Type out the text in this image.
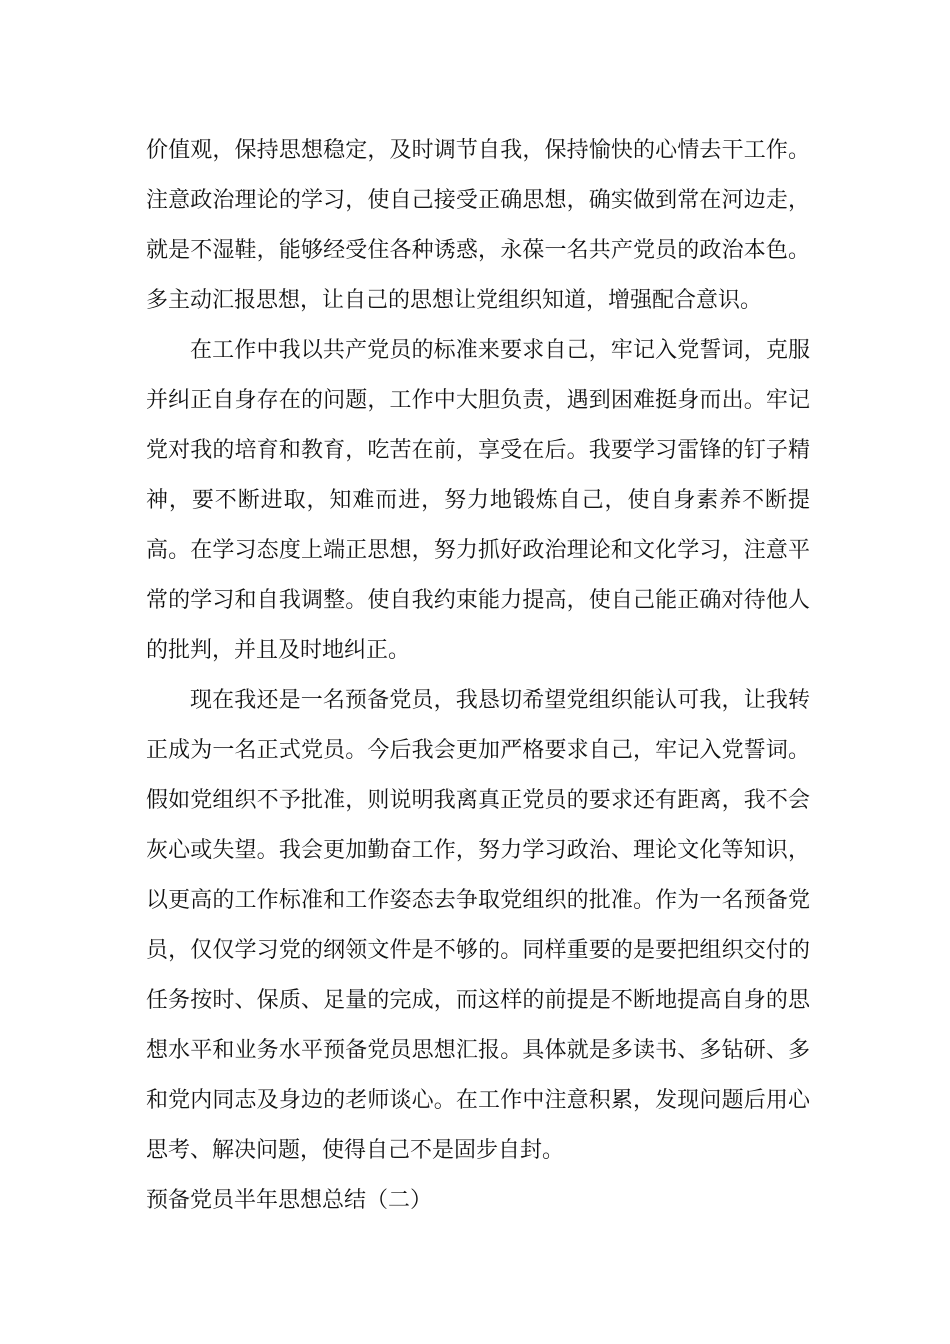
价值观，保持思想稳定，及时调节自我，保持愉快的心情去干工作。注意政治理论的学习，使自己接受正确思想，确实做到常在河边走，就是不湿鞋，能够经受住各种诱惑，永葆一名共产党员的政治本色。多主动汇报思想，让自己的思想让党组织知道，增强配合意识。

在工作中我以共产党员的标准来要求自己，牢记入党誓词，克服并纠正自身存在的问题，工作中大胆负责，遇到困难挺身而出。牢记党对我的培育和教育，吃苦在前，享受在后。我要学习雷锋的钉子精神，要不断进取，知难而进，努力地锻炼自己，使自身素养不断提高。在学习态度上端正思想，努力抓好政治理论和文化学习，注意平常的学习和自我调整。使自我约束能力提高，使自己能正确对待他人的批判，并且及时地纠正。

现在我还是一名预备党员，我恳切希望党组织能认可我，让我转正成为一名正式党员。今后我会更加严格要求自己，牢记入党誓词。假如党组织不予批准，则说明我离真正党员的要求还有距离，我不会灰心或失望。我会更加勤奋工作，努力学习政治、理论文化等知识，以更高的工作标准和工作姿态去争取党组织的批准。作为一名预备党员，仅仅学习党的纲领文件是不够的。同样重要的是要把组织交付的任务按时、保质、足量的完成，而这样的前提是不断地提高自身的思想水平和业务水平预备党员思想汇报。具体就是多读书、多钻研、多和党内同志及身边的老师谈心。在工作中注意积累，发现问题后用心思考、解决问题，使得自己不是固步自封。

预备党员半年思想总结（二）
